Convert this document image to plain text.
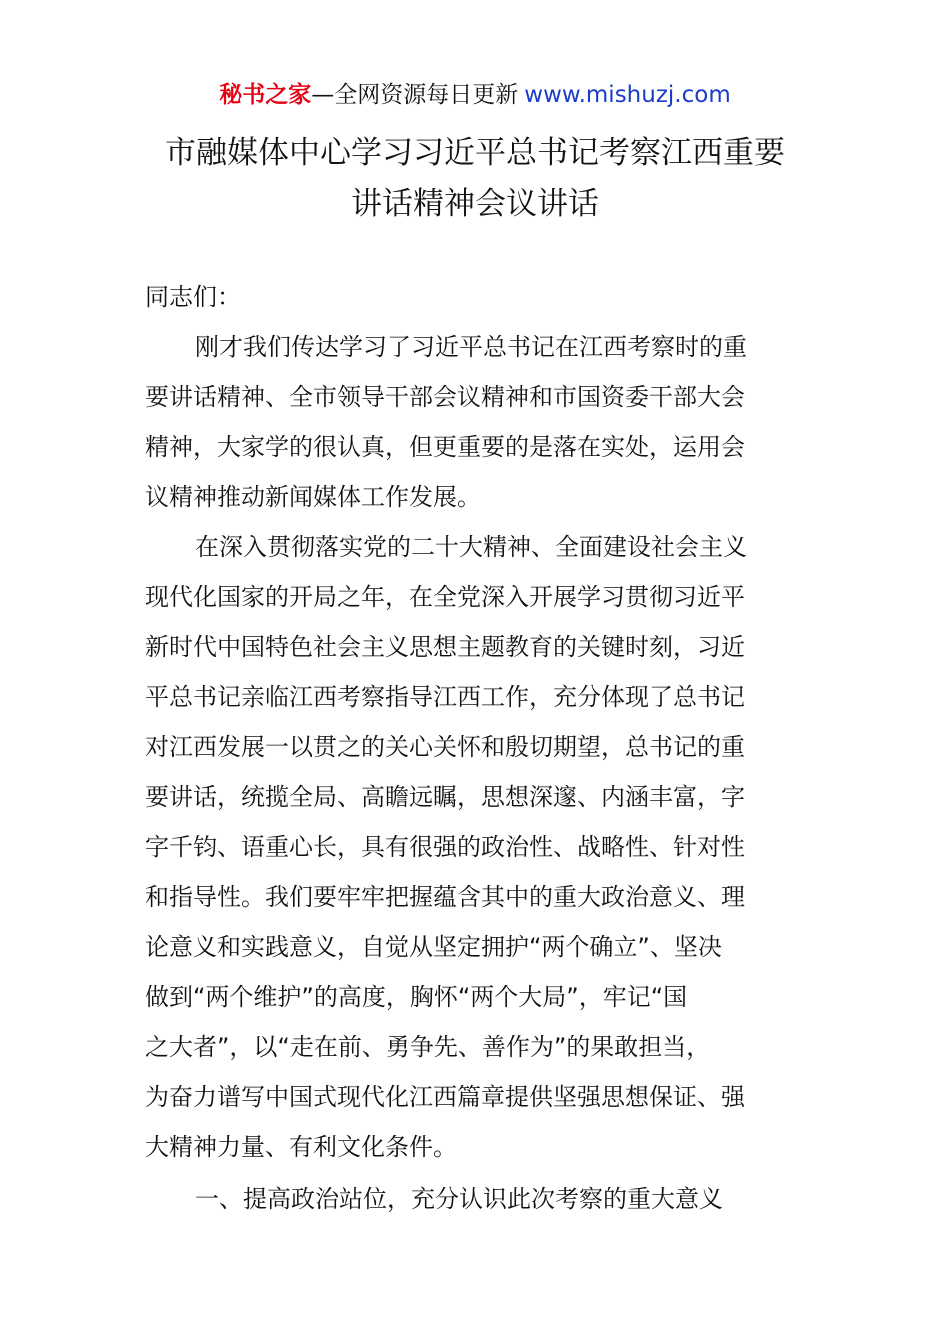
秘书之家—全网资源每日更新 www.mishuzj.com
市融媒体中心学习习近平总书记考察江西重要
讲话精神会议讲话
同志们：
刚才我们传达学习了习近平总书记在江西考察时的重
要讲话精神、全市领导干部会议精神和市国资委干部大会
精神，大家学的很认真，但更重要的是落在实处，运用会
议精神推动新闻媒体工作发展。
在深入贯彻落实党的二十大精神、全面建设社会主义
现代化国家的开局之年，在全党深入开展学习贯彻习近平
新时代中国特色社会主义思想主题教育的关键时刻，习近
平总书记亲临江西考察指导江西工作，充分体现了总书记
对江西发展一以贯之的关心关怀和殷切期望，总书记的重
要讲话，统揽全局、高瞻远瞩，思想深邃、内涵丰富，字
字千钧、语重心长，具有很强的政治性、战略性、针对性
和指导性。我们要牢牢把握蕴含其中的重大政治意义、理
论意义和实践意义，自觉从坚定拥护“两个确立”、坚决
做到“两个维护”的高度，胸怀“两个大局”，牢记“国
之大者”，以“走在前、勇争先、善作为”的果敢担当，
为奋力谱写中国式现代化江西篇章提供坚强思想保证、强
大精神力量、有利文化条件。
一、提高政治站位，充分认识此次考察的重大意义
